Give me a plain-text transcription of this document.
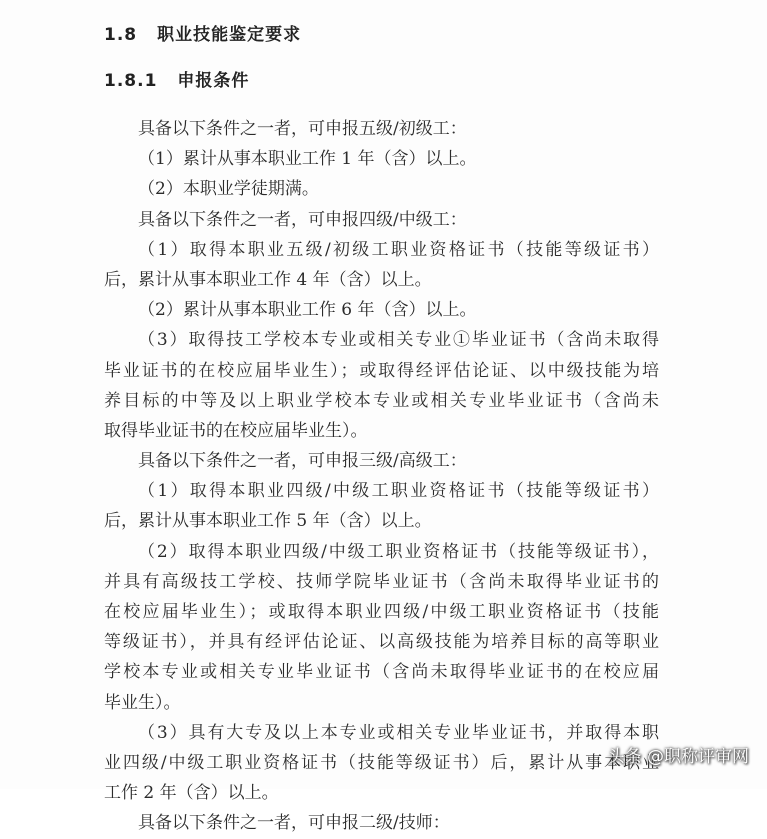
1.8 职业技能鉴定要求
1.8.1 申报条件
具备以下条件之一者，可申报五级/初级工：
（1）累计从事本职业工作 1 年（含）以上。
（2）本职业学徒期满。
具备以下条件之一者，可申报四级/中级工：
（1）取得本职业五级/初级工职业资格证书（技能等级证书）
后，累计从事本职业工作 4 年（含）以上。
（2）累计从事本职业工作 6 年（含）以上。
（3）取得技工学校本专业或相关专业①毕业证书（含尚未取得
毕业证书的在校应届毕业生）；或取得经评估论证、以中级技能为培
养目标的中等及以上职业学校本专业或相关专业毕业证书（含尚未
取得毕业证书的在校应届毕业生）。
具备以下条件之一者，可申报三级/高级工：
（1）取得本职业四级/中级工职业资格证书（技能等级证书）
后，累计从事本职业工作 5 年（含）以上。
（2）取得本职业四级/中级工职业资格证书（技能等级证书），
并具有高级技工学校、技师学院毕业证书（含尚未取得毕业证书的
在校应届毕业生）；或取得本职业四级/中级工职业资格证书（技能
等级证书），并具有经评估论证、以高级技能为培养目标的高等职业
学校本专业或相关专业毕业证书（含尚未取得毕业证书的在校应届
毕业生）。
（3）具有大专及以上本专业或相关专业毕业证书，并取得本职
业四级/中级工职业资格证书（技能等级证书）后，累计从事本职业
工作 2 年（含）以上。
具备以下条件之一者，可申报二级/技师：
头条 @职称评审网
